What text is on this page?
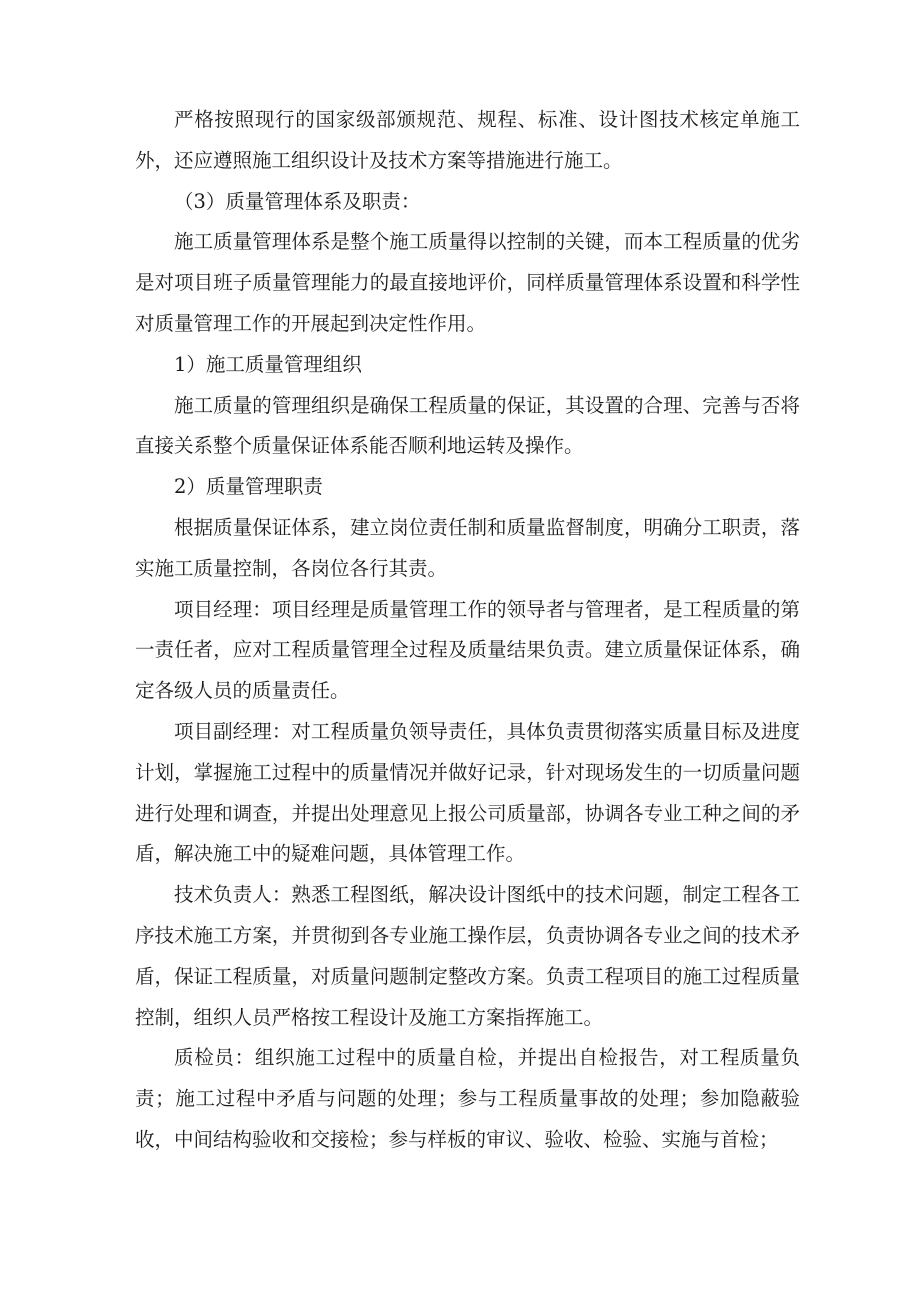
严格按照现行的国家级部颁规范、规程、标准、设计图技术核定单施工外，还应遵照施工组织设计及技术方案等措施进行施工。

（3）质量管理体系及职责：

施工质量管理体系是整个施工质量得以控制的关键，而本工程质量的优劣是对项目班子质量管理能力的最直接地评价，同样质量管理体系设置和科学性对质量管理工作的开展起到决定性作用。

1）施工质量管理组织

施工质量的管理组织是确保工程质量的保证，其设置的合理、完善与否将直接关系整个质量保证体系能否顺利地运转及操作。

2）质量管理职责

根据质量保证体系，建立岗位责任制和质量监督制度，明确分工职责，落实施工质量控制，各岗位各行其责。

项目经理：项目经理是质量管理工作的领导者与管理者，是工程质量的第一责任者，应对工程质量管理全过程及质量结果负责。建立质量保证体系，确定各级人员的质量责任。

项目副经理：对工程质量负领导责任，具体负责贯彻落实质量目标及进度计划，掌握施工过程中的质量情况并做好记录，针对现场发生的一切质量问题进行处理和调查，并提出处理意见上报公司质量部，协调各专业工种之间的矛盾，解决施工中的疑难问题，具体管理工作。

技术负责人：熟悉工程图纸，解决设计图纸中的技术问题，制定工程各工序技术施工方案，并贯彻到各专业施工操作层，负责协调各专业之间的技术矛盾，保证工程质量，对质量问题制定整改方案。负责工程项目的施工过程质量控制，组织人员严格按工程设计及施工方案指挥施工。

质检员：组织施工过程中的质量自检，并提出自检报告，对工程质量负责；施工过程中矛盾与问题的处理；参与工程质量事故的处理；参加隐蔽验收，中间结构验收和交接检；参与样板的审议、验收、检验、实施与首检；
